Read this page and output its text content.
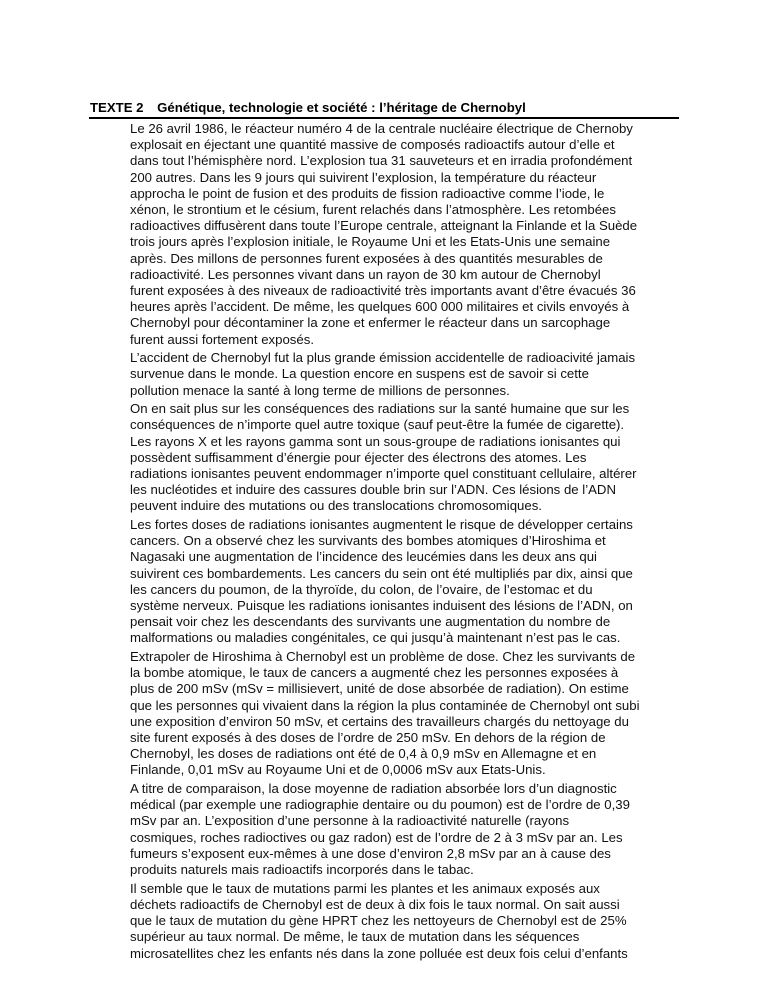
TEXTE 2 Génétique, technologie et société : l’héritage de Chernobyl

Le 26 avril 1986, le réacteur numéro 4 de la centrale nucléaire électrique de Chernoby
explosait en éjectant une quantité massive de composés radioactifs autour d’elle et
dans tout l’hémisphère nord. L’explosion tua 31 sauveteurs et en irradia profondément
200 autres. Dans les 9 jours qui suivirent l’explosion, la température du réacteur
approcha le point de fusion et des produits de fission radioactive comme l’iode, le
xénon, le strontium et le césium, furent relachés dans l’atmosphère. Les retombées
radioactives diffusèrent dans toute l’Europe centrale, atteignant la Finlande et la Suède
trois jours après l’explosion initiale, le Royaume Uni et les Etats-Unis une semaine
après. Des millons de personnes furent exposées à des quantités mesurables de
radioactivité. Les personnes vivant dans un rayon de 30 km autour de Chernobyl
furent exposées à des niveaux de radioactivité très importants avant d’être évacués 36
heures après l’accident. De même, les quelques 600 000 militaires et civils envoyés à
Chernobyl pour décontaminer la zone et enfermer le réacteur dans un sarcophage
furent aussi fortement exposés.

L’accident de Chernobyl fut la plus grande émission accidentelle de radioacivité jamais
survenue dans le monde. La question encore en suspens est de savoir si cette
pollution menace la santé à long terme de millions de personnes.

On en sait plus sur les conséquences des radiations sur la santé humaine que sur les
conséquences de n’importe quel autre toxique (sauf peut-être la fumée de cigarette).
Les rayons X et les rayons gamma sont un sous-groupe de radiations ionisantes qui
possèdent suffisamment d’énergie pour éjecter des électrons des atomes. Les
radiations ionisantes peuvent endommager n’importe quel constituant cellulaire, altérer
les nucléotides et induire des cassures double brin sur l’ADN. Ces lésions de l’ADN
peuvent induire des mutations ou des translocations chromosomiques.

Les fortes doses de radiations ionisantes augmentent le risque de développer certains
cancers. On a observé chez les survivants des bombes atomiques d’Hiroshima et
Nagasaki une augmentation de l’incidence des leucémies dans les deux ans qui
suivirent ces bombardements. Les cancers du sein ont été multipliés par dix, ainsi que
les cancers du poumon, de la thyroïde, du colon, de l’ovaire, de l’estomac et du
système nerveux. Puisque les radiations ionisantes induisent des lésions de l’ADN, on
pensait voir chez les descendants des survivants une augmentation du nombre de
malformations ou maladies congénitales, ce qui jusqu’à maintenant n’est pas le cas.

Extrapoler de Hiroshima à Chernobyl est un problème de dose. Chez les survivants de
la bombe atomique, le taux de cancers a augmenté chez les personnes exposées à
plus de 200 mSv (mSv = millisievert, unité de dose absorbée de radiation). On estime
que les personnes qui vivaient dans la région la plus contaminée de Chernobyl ont subi
une exposition d’environ 50 mSv, et certains des travailleurs chargés du nettoyage du
site furent exposés à des doses de l’ordre de 250 mSv. En dehors de la région de
Chernobyl, les doses de radiations ont été de 0,4 à 0,9 mSv en Allemagne et en
Finlande, 0,01 mSv au Royaume Uni et de 0,0006 mSv aux Etats-Unis.

A titre de comparaison, la dose moyenne de radiation absorbée lors d’un diagnostic
médical (par exemple une radiographie dentaire ou du poumon) est de l’ordre de 0,39
mSv par an. L’exposition d’une personne à la radioactivité naturelle (rayons
cosmiques, roches radioctives ou gaz radon) est de l’ordre de 2 à 3 mSv par an. Les
fumeurs s’exposent eux-mêmes à une dose d’environ 2,8 mSv par an à cause des
produits naturels mais radioactifs incorporés dans le tabac.

Il semble que le taux de mutations parmi les plantes et les animaux exposés aux
déchets radioactifs de Chernobyl est de deux à dix fois le taux normal. On sait aussi
que le taux de mutation du gène HPRT chez les nettoyeurs de Chernobyl est de 25%
supérieur au taux normal. De même, le taux de mutation dans les séquences
microsatellites chez les enfants nés dans la zone polluée est deux fois celui d’enfants
